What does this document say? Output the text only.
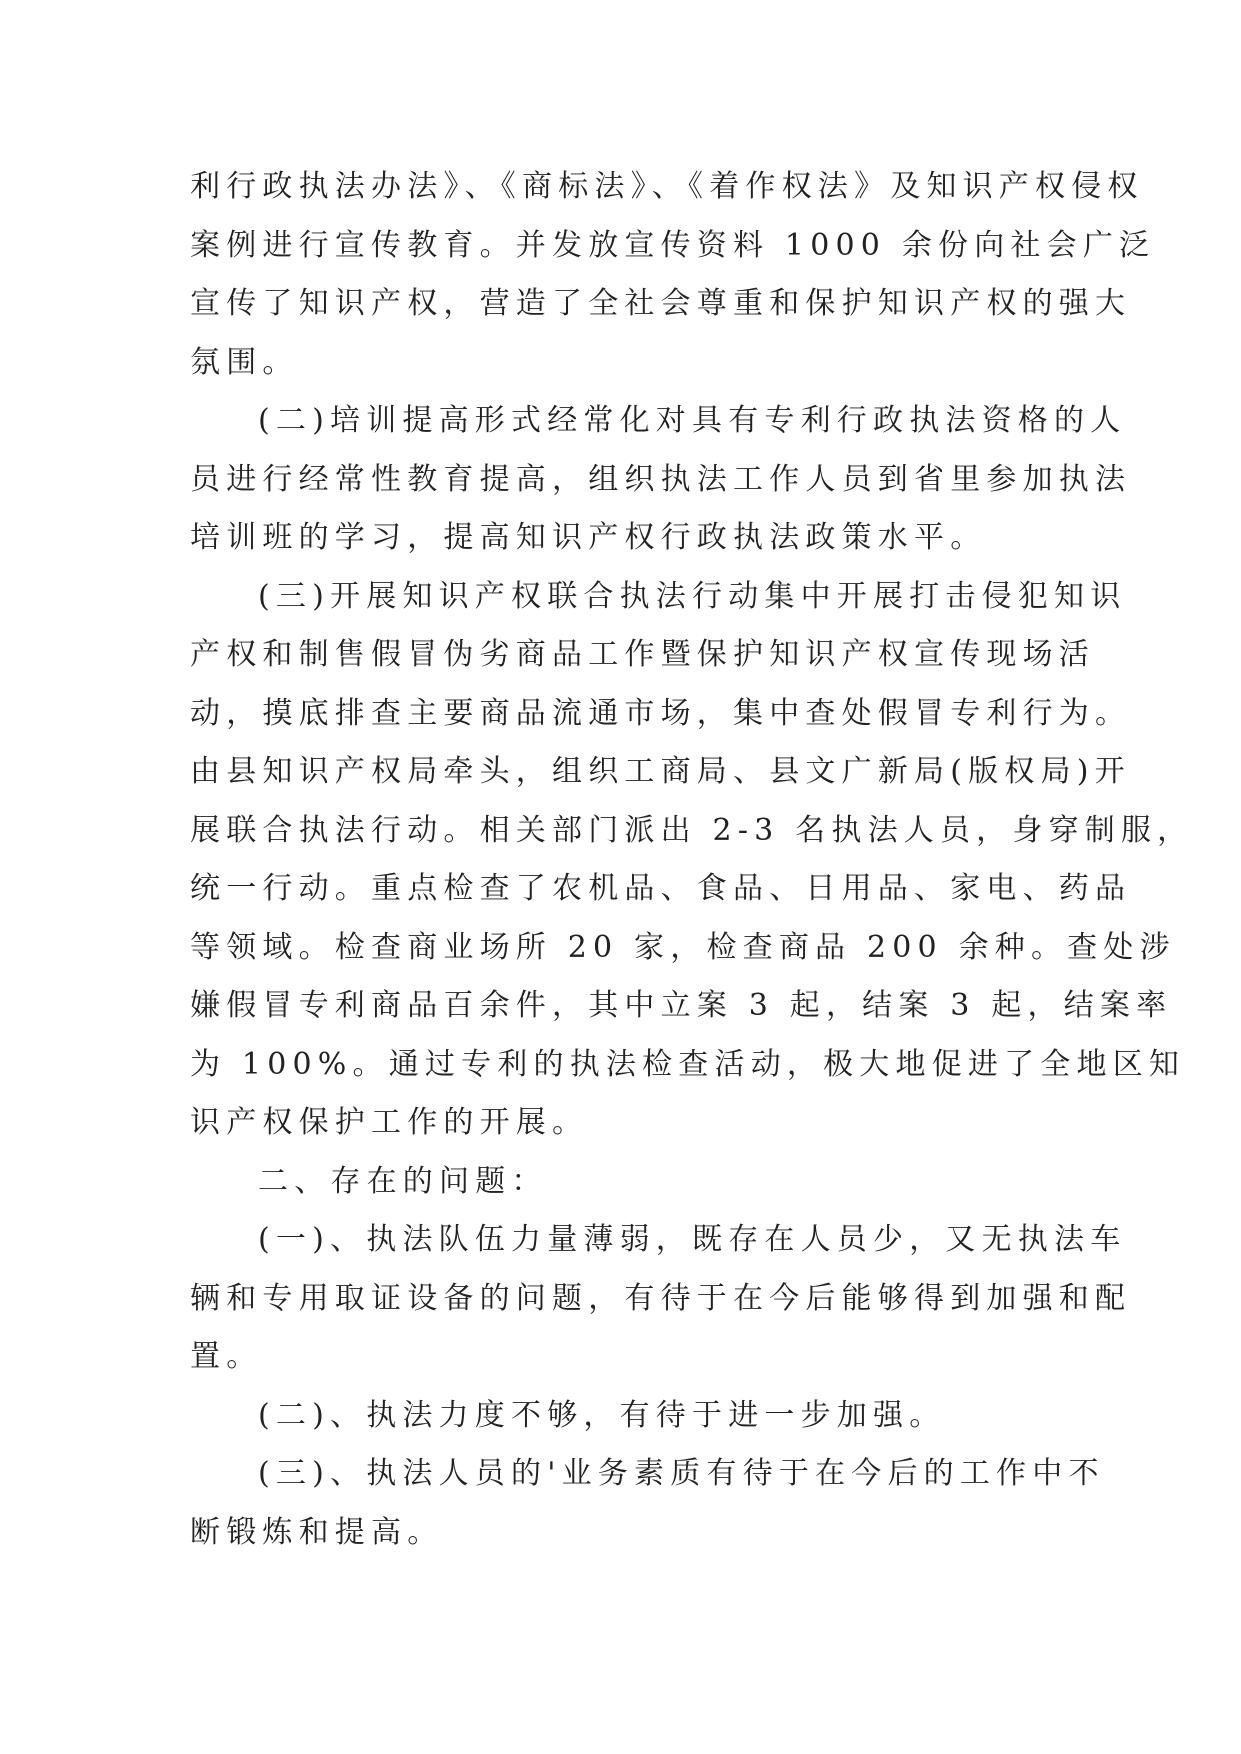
利行政执法办法》、《商标法》、《着作权法》及知识产权侵权
案例进行宣传教育。并发放宣传资料 1000 余份向社会广泛
宣传了知识产权，营造了全社会尊重和保护知识产权的强大
氛围。
(二)培训提高形式经常化对具有专利行政执法资格的人
员进行经常性教育提高，组织执法工作人员到省里参加执法
培训班的学习，提高知识产权行政执法政策水平。
(三)开展知识产权联合执法行动集中开展打击侵犯知识
产权和制售假冒伪劣商品工作暨保护知识产权宣传现场活
动，摸底排查主要商品流通市场，集中查处假冒专利行为。
由县知识产权局牵头，组织工商局、县文广新局(版权局)开
展联合执法行动。相关部门派出 2-3 名执法人员，身穿制服，
统一行动。重点检查了农机品、食品、日用品、家电、药品
等领域。检查商业场所 20 家，检查商品 200 余种。查处涉
嫌假冒专利商品百余件，其中立案 3 起，结案 3 起，结案率
为 100%。通过专利的执法检查活动，极大地促进了全地区知
识产权保护工作的开展。
二、存在的问题：
(一)、执法队伍力量薄弱，既存在人员少，又无执法车
辆和专用取证设备的问题，有待于在今后能够得到加强和配
置。
(二)、执法力度不够，有待于进一步加强。
(三)、执法人员的'业务素质有待于在今后的工作中不
断锻炼和提高。
